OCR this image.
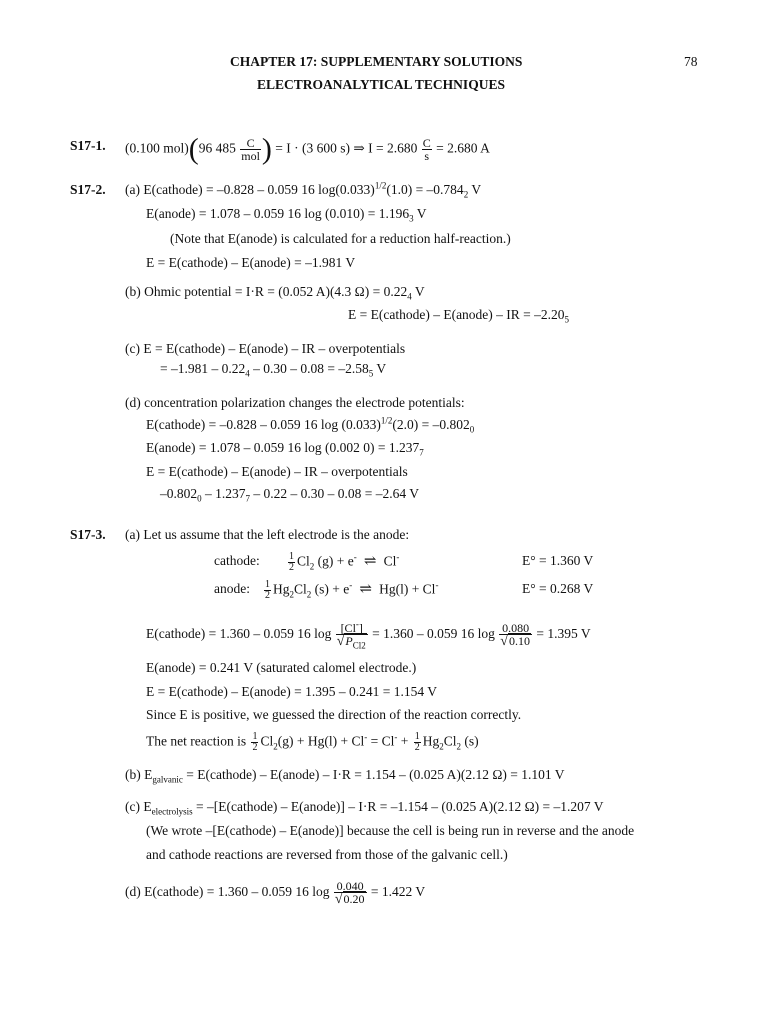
CHAPTER 17: SUPPLEMENTARY SOLUTIONS	78
ELECTROANALYTICAL TECHNIQUES
S17-1. (0.100 mol)(96 $485 \frac{C}{\text{mol}}$ ) = I · (3 600 s) ⇒ $I = 2.680 \frac{C}{s} = 2.680$ A
S17-2. (a) E(cathode) = –0.828 – 0.059 16 $\log(0.033)^{1/2}(1.0) = -0.784_2$ V
E(anode) = 1.078 – 0.059 16 $\log (0.010) = 1.196_3$ V
(Note that E(anode) is calculated for a reduction half-reaction.)
E = E(cathode) – E(anode) = –1.981 V
(b) Ohmic potential = I·R = (0.052 A)(4.3 $\Omega) = 0.22_4$ V
E = E(cathode) – E(anode) – IR = $-2.20_5$
(c) E = E(cathode) – E(anode) – IR – overpotentials
= $-1.981 - 0.22_4 - 0.30 - 0.08 = -2.58_5$ V
(d) concentration polarization changes the electrode potentials:
E(cathode) = –0.828 – 0.059 16 $\log (0.033)^{1/2}(2.0) = -0.802_0$
E(anode) = 1.078 – 0.059 16 log (0.002 $0) = 1.237_7$
E = E(cathode) – E(anode) – IR – overpotentials
$-0.802_0 - 1.237_7 - 0.22 - 0.30 - 0.08 = -2.64$ V
S17-3. (a) Let us assume that the left electrode is the anode:
cathode:	$\frac{1}{2} Cl_2$ (g) + e-  ⇌  Cl-	E° = 1.360 V
anode: $\frac{1}{2} Hg_2Cl_2$ (s) + e-  ⇌  Hg(l) + Cl-	E° = 0.268 V
E(cathode) = 1.360 – 0.059 16 $\log \frac{[Cl^-]}{√P_{Cl2}} = 1.360 - 0.059$ 16 $\log \frac{0.080}{√0.10} = 1.395$ V
E(anode) = 0.241 V (saturated calomel electrode.)
E = E(cathode) – E(anode) = 1.395 – 0.241 = 1.154 V
Since E is positive, we guessed the direction of the reaction correctly.
The net reaction is $\frac{1}{2} Cl_2(g) + Hg(l) + Cl^- = Cl^- + \frac{1}{2} Hg_2Cl_2$ (s)
(b) $E_{galvanic}$ = E(cathode) – E(anode) – I·R = 1.154 – (0.025 A)(2.12 Ω) = 1.101 V
(c) $E_{electrolysis}$ = –[E(cathode) – E(anode)] – I·R = –1.154 – (0.025 A)(2.12 Ω) = –1.207 V
(We wrote –[E(cathode) – E(anode)] because the cell is being run in reverse and the anode
and cathode reactions are reversed from those of the galvanic cell.)
(d) E(cathode) = 1.360 – 0.059 16 $\log \frac{0.040}{√0.20} = 1.422$ V
